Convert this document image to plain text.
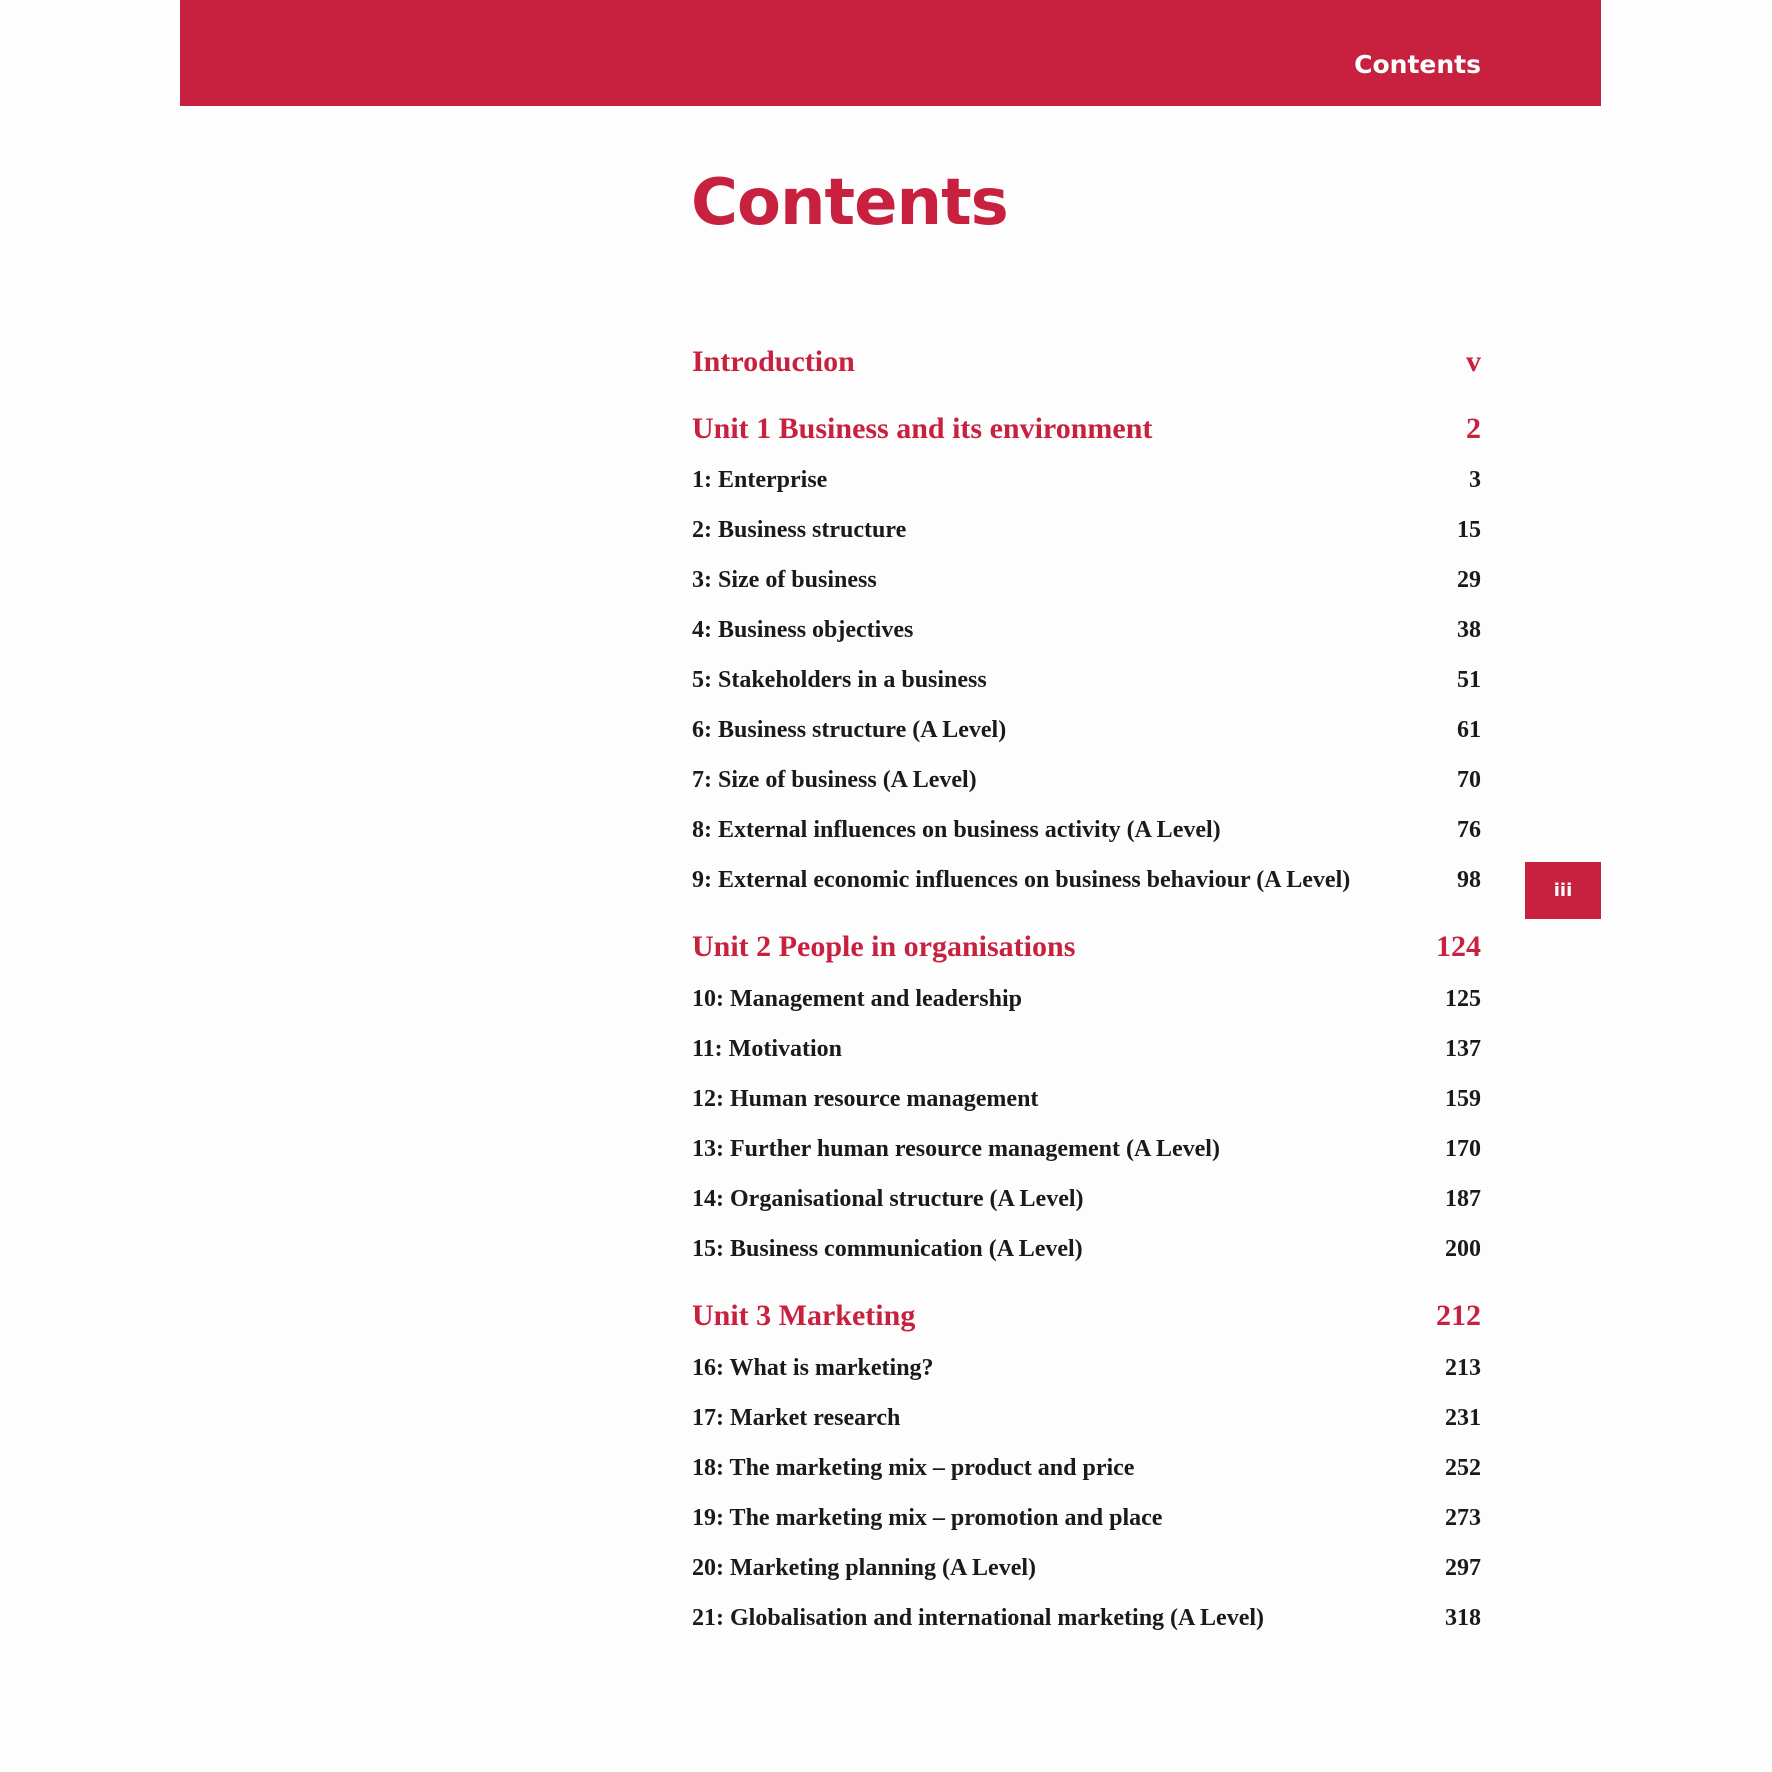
Contents
Contents
Introduction	v
Unit 1 Business and its environment	2
1: Enterprise	3
2: Business structure	15
3: Size of business	29
4: Business objectives	38
5: Stakeholders in a business	51
6: Business structure (A Level)	61
7: Size of business (A Level)	70
8: External influences on business activity (A Level)	76
9: External economic influences on business behaviour (A Level)	98
Unit 2 People in organisations	124
10: Management and leadership	125
11: Motivation	137
12: Human resource management	159
13: Further human resource management (A Level)	170
14: Organisational structure (A Level)	187
15: Business communication (A Level)	200
Unit 3 Marketing	212
16: What is marketing?	213
17: Market research	231
18: The marketing mix – product and price	252
19: The marketing mix – promotion and place	273
20: Marketing planning (A Level)	297
21: Globalisation and international marketing (A Level)	318
iii
